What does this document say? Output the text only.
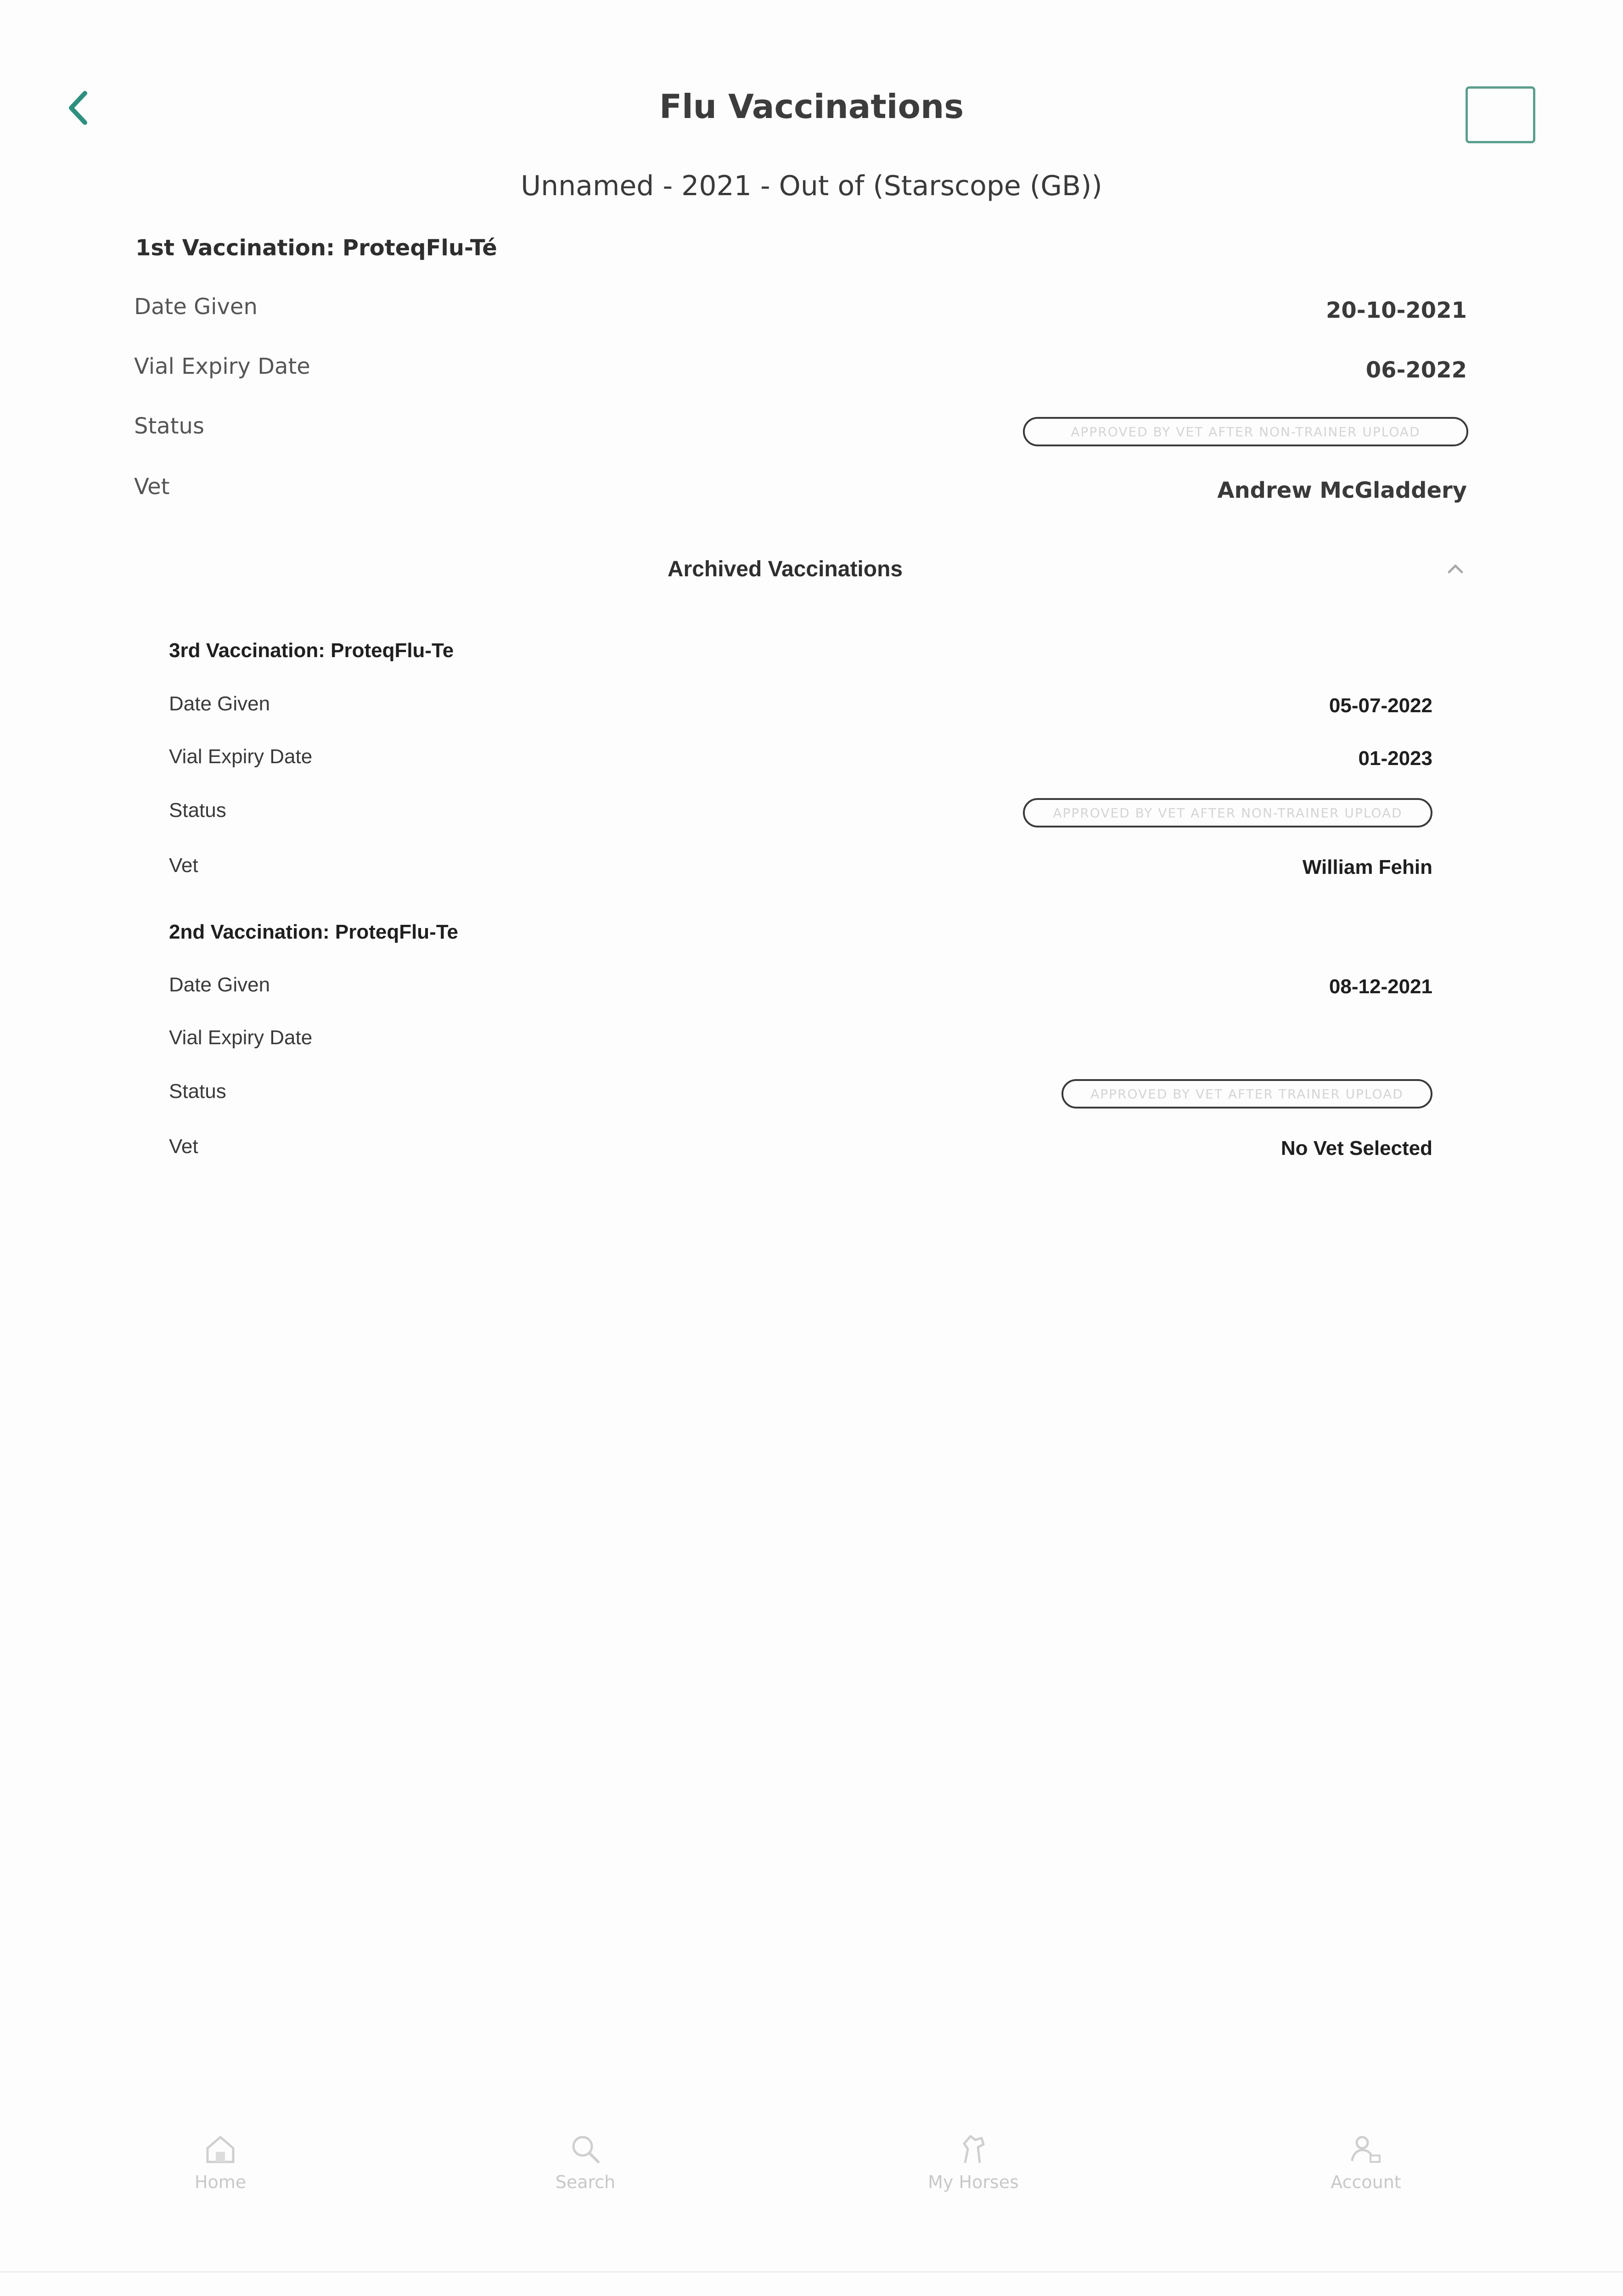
Flu Vaccinations
Unnamed - 2021 - Out of (Starscope (GB))
1st Vaccination: ProteqFlu-Té
Date Given	20-10-2021
Vial Expiry Date	06-2022
Status	APPROVED BY VET AFTER NON-TRAINER UPLOAD
Vet	Andrew McGladdery
Archived Vaccinations
3rd Vaccination: ProteqFlu-Te
Date Given	05-07-2022
Vial Expiry Date	01-2023
Status	APPROVED BY VET AFTER NON-TRAINER UPLOAD
Vet	William Fehin
2nd Vaccination: ProteqFlu-Te
Date Given	08-12-2021
Vial Expiry Date
Status	APPROVED BY VET AFTER TRAINER UPLOAD
Vet	No Vet Selected
Home	Search	My Horses	Account
